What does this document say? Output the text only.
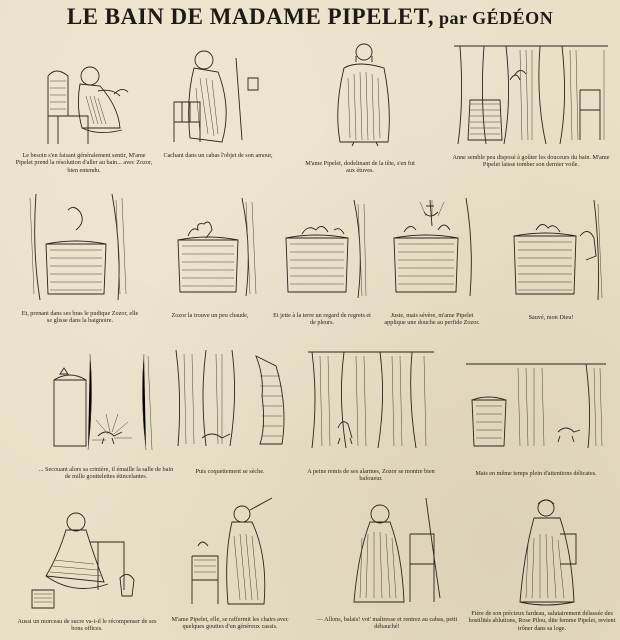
LE BAIN DE MADAME PIPELET, par GÉDÉON
Le besoin s'en faisant généralement sentir, M'ame Pipelet prend la résolution d'aller au bain... avec Zozor, bien entendu.
Cachant dans un cabas l'objet de son amour,
M'ame Pipelet, dodelinant de la tête, s'en fut aux étuves.
Anne semble peu disposé à goûter les douceurs du bain. M'ame Pipelet laisse tomber son dernier voile.
Et, prenant dans ses bras le pudique Zozor, elle se glisse dans la baignoire.
Zozor la trouve un peu chaude,	Et jette à la terre un regard de regrets et de pleurs.
Juste, mais sévère, m'ame Pipelet applique une douche au perfide Zozor.
Sauvé, mon Dieu!
... Secouant alors sa crinière, il émaille la salle de bain de mille gouttelettes étincelantes.
Puis coquettement se sèche.	A peine remis de ses alarmes, Zozor se montre bien bafoueur.
Mais en même temps plein d'attentions délicates.
Aussi un morceau de sucre va-t-il le récompenser de ses bons offices.
M'ame Pipelet, elle, se raffermit les chairs avec quelques gouttes d'un généreux cassis.
— Allons, balais! vot' maîtresse et rentrez au cabas, petit débauché!
Fière de son précieux fardeau, salutairement délassée des hostilités ablutions, Rose Pilou, dite femme Pipelet, revient trôner dans sa loge.
